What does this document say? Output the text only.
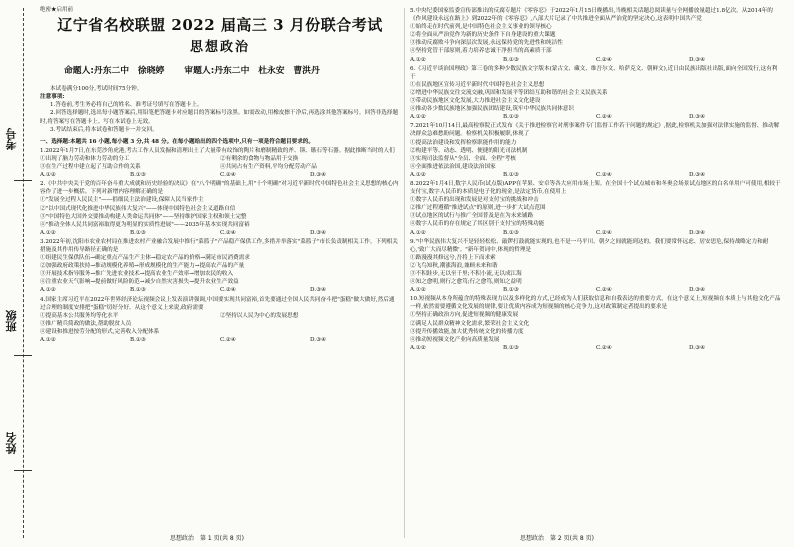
考号
班级
姓名
绝密★启用前
辽宁省名校联盟 2022 届高三 3 月份联合考试
思想政治
命题人:丹东二中　徐晓婷 审题人:丹东二中　杜永安　曹洪丹

本试卷满分100分,考试时间75分钟。

注意事项:

1.答卷前,考生务必将自己的姓名、准考证号填写在答题卡上。

2.回答选择题时,选出每小题答案后,用铅笔把答题卡对应题目的答案标号涂黑。如需改动,用橡皮擦干净后,再选涂其他答案标号。回答非选择题时,将答案写在答题卡上。写在本试卷上无效。

3.考试结束后,将本试卷和答题卡一并交回。

一、选择题:本题共 16 小题,每小题 3 分,共 48 分。在每小题给出的四个选项中,只有一项是符合题目要求的。

1.2022年1月7日,在东莞沙角虎港,考古工作人员发掘和清理出土了大量带有纹饰的陶片和磨制精致的斧、锛、镞石等石器。据此推断当时的人们

①出现了脑力劳动和体力劳动的分工	②有剩余的食物与物品用于交换
③在生产过程中建立起了互助合作的关系	④共同占有生产资料,平均分配劳动产品
A.①②	B.①③	C.②④	D.③④

2.《中共中央关于党的百年奋斗重大成就和历史经验的决议》在"八个明确"的基础上,用"十个明确"对习近平新时代中国特色社会主义思想的核心内容作了进一步概括。下列对新增内容理解正确的是

①"发展全过程人民民主"——捐细民主法治建设,保障人民当家作主

②"以中国式现代化推进中华民族伟大复兴"——体现中国特色社会主义道路自信

③"中国特色大国外交要推动构建人类命运共同体"——坚持维护国家主权和领土完整

④"推动全体人民共同富裕取得更为明显的实质性进展"——2035年基本实现共同富裕

A.①②	B.①③	C.②④	D.③④

3.2022年初,沈阳市农业农村局在推进农村产业融合发展中推行"菜篮子"产品稳产保供工作,多措并举落实"菜篮子"市长负责制相关工作。下列相关措施及其作用传导路径正确的是

①组建民生保供队伍→确定重点产品生产主体→稳定农产品的价格→满足市民消费需求

②加强政府政策扶持→推动规模化养殖→形成规模化的生产能力→提高农产品的产量

③开展技术指导服务→推广先进农业技术→提高农业生产效率→增加农民的收入

④注重农业天气影响→提前做好风险防范→减少自然灾害损失→提升农业生产效益

A.①②	B.①③	C.②④	D.③④

4.国家主席习近平在2022年世界经济论坛视频会议上发表演讲强调,中国要实现共同富裕,首先要通过全国人民共同奋斗把"蛋糕"做大做好,然后通过合理的制度安排把"蛋糕"切好分好。从这个意义上来说,政府需要

①提高基本公共服务均等化水平	②坚持以人民为中心的发展思想

③推广精兵简政的做法,帮助脱贫人员

④建设和推进按劳分配的形式,完善收入分配体系

A.①②	B.①③	C.②④	D.③④
思想政治　第 1 页(共 8 页)

5.中央纪委国家监委宣传部推出的反腐专题片《零容忍》于2022年1月15日晚播出,当晚相关话题总阅读量与全网播放量超过1.8亿次。从2014年的《作风建设永远在路上》到2022年的《零容忍》,八部大片记录了中共推进全面从严治党的坚定决心,这表明中国共产党

①始终走在时代前列,是中国特色社会主义事业的领导核心

②将全面从严治党作为新的历史条件下自身建设的重大课题

③推动反腐败斗争向深层次发展,永远保持党的先进性和纯洁性

④坚持党管干部原则,着力培养忠诚干净担当的高素质干部

A.①②	B.①③	C.②④	D.③④

6.《习近平谈治国理政》第三卷的多种少数民族文字版本(蒙古文、藏文、维吾尔文、哈萨克文、朝鲜文),近日由民族出版社出版,面向全国发行,这有利于

①在民族地区宣传习近平新时代中国特色社会主义思想

②增进中华民族交往交流交融,巩固和发展平等团结互助和谐的社会主义民族关系

③带动民族地区文化发展,大力推进社会主义文化建设

④推动各少数民族地区加强民族团结建设,筑牢中华民族共同体意识

A.①②	B.①③	C.②④	D.③④

7.2021年10月14日,最高检察院正式发布《关于推进检察官对刑事案件专门监督工作若干问题的规定》,据此,检察机关加强对法律实施的监督、推动解决群众急难愁盼问题。检察机关积极履职,体现了

①提高法治建设和发挥检察职能作用的能力

②构建平等、动态、透明、便捷的阳光司法机制

③实现司法监督从"全员、全面、全程"考核

④全面推进依法治国,建设法治国家

A.①②	B.①③	C.②④	D.③④

8.2022年1月4日,数字人民币(试点版)APP在苹果、安卓等各大应用市场上架。在全国十个试点城市和冬奥会场景试点地区的白名单用户可使用,相较于支付宝,数字人民币的本质是电子化的现金,是法定货币,在使用上

①数字人民币的出现和发展是对支付宝的挑战和冲击

②推广过程遵循"推进试点"的原则,进一步扩大试点范围

③试点地区的试行与推广全国普及是在为未来铺路

④数字人民币的存在规定了其区别于支付宝的特殊功能

A.①②	B.①③	C.②④	D.③④

9."中华民族伟大复兴不是轻轻松松、敲锣打鼓就能实现的,也不是一马平川、朝夕之间就能到达的。我们要常怀远虑、居安思危,保持战略定力和耐心,'致广大而尽精微'。"新年贺词中,体现的哲理是

①路漫漫其修远兮,吾将上下而求索

②飞鸟知秋,潮涨海浪,兼顾未来和谐

③不积跬步,无以至千里;不积小流,无以成江海

④知之愈明,则行之愈笃;行之愈笃,则知之益明

A.①②	B.①③	C.②④	D.③④

10.短视频从本身所蕴含的特殊表现力以及多样化的方式,已经成为人们获取信息和自我表达的重要方式。在这个意义上,短视频在本质上与其他文化产品一样,依然需要遵循文化发展的规律,要让优质内容成为短视频的核心竞争力,这对政策制定者提出的要求是

①坚持正确政治方向,促进短视频的健康发展

②满足人民群众精神文化需求,繁荣社会主义文化

③提升传播效能,加大优秀传统文化的传播力度

④推动短视频文化产业向高质量发展

A.①②	B.①③	C.②④	D.③④
思想政治　第 2 页(共 8 页)
